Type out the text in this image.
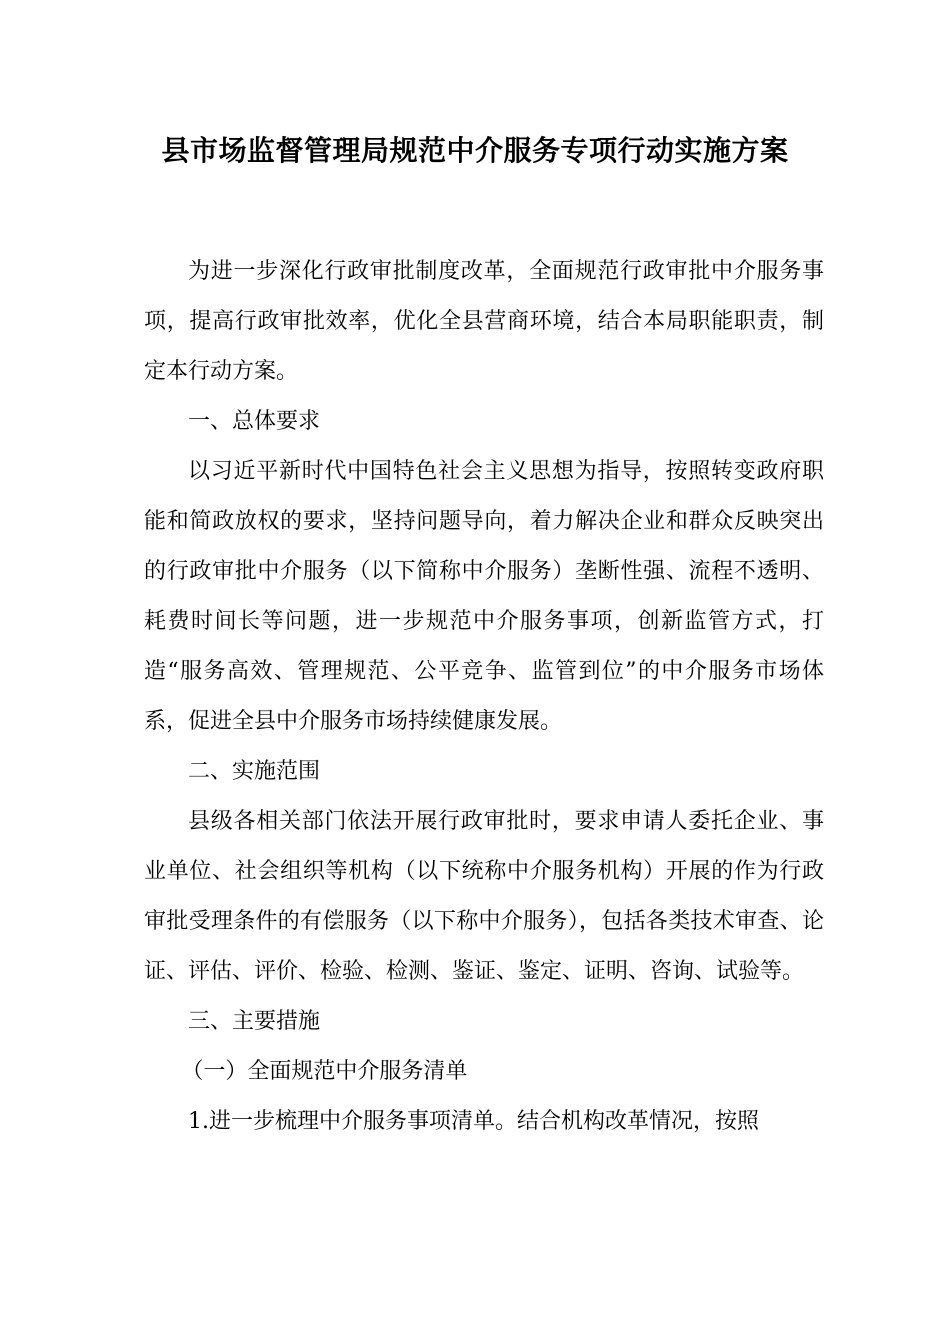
县市场监督管理局规范中介服务专项行动实施方案

为进一步深化行政审批制度改革，全面规范行政审批中介服务事项，提高行政审批效率，优化全县营商环境，结合本局职能职责，制定本行动方案。

一、总体要求

以习近平新时代中国特色社会主义思想为指导，按照转变政府职能和简政放权的要求，坚持问题导向，着力解决企业和群众反映突出的行政审批中介服务（以下简称中介服务）垄断性强、流程不透明、耗费时间长等问题，进一步规范中介服务事项，创新监管方式，打造“服务高效、管理规范、公平竞争、监管到位”的中介服务市场体系，促进全县中介服务市场持续健康发展。

二、实施范围

县级各相关部门依法开展行政审批时，要求申请人委托企业、事业单位、社会组织等机构（以下统称中介服务机构）开展的作为行政审批受理条件的有偿服务（以下称中介服务），包括各类技术审查、论证、评估、评价、检验、检测、鉴证、鉴定、证明、咨询、试验等。

三、主要措施

（一）全面规范中介服务清单

1.进一步梳理中介服务事项清单。结合机构改革情况，按照
